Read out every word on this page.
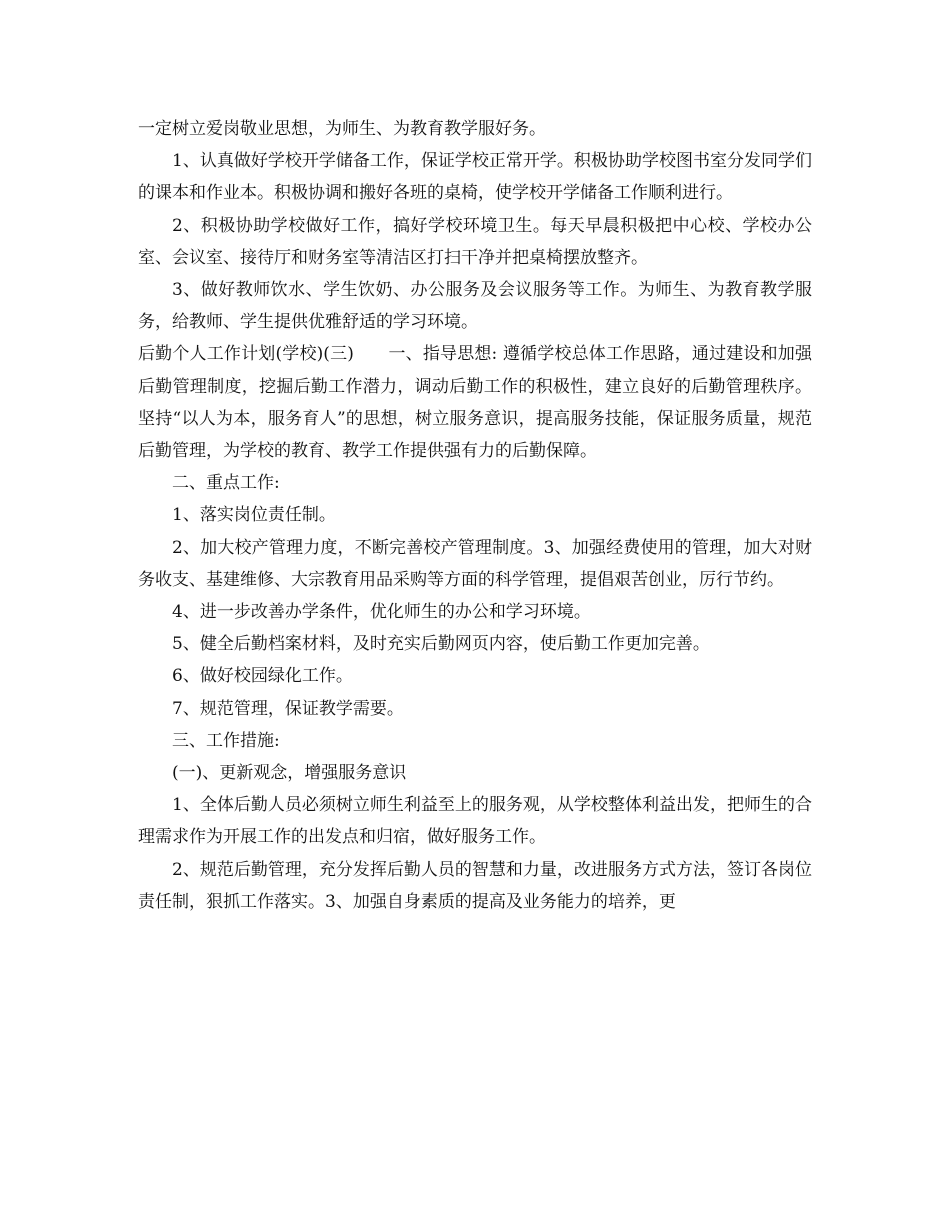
一定树立爱岗敬业思想，为师生、为教育教学服好务。

1、认真做好学校开学储备工作，保证学校正常开学。积极协助学校图书室分发同学们的课本和作业本。积极协调和搬好各班的桌椅，使学校开学储备工作顺利进行。

2、积极协助学校做好工作，搞好学校环境卫生。每天早晨积极把中心校、学校办公室、会议室、接待厅和财务室等清洁区打扫干净并把桌椅摆放整齐。

3、做好教师饮水、学生饮奶、办公服务及会议服务等工作。为师生、为教育教学服务，给教师、学生提供优雅舒适的学习环境。

后勤个人工作计划(学校)(三)　　一、指导思想: 遵循学校总体工作思路，通过建设和加强后勤管理制度，挖掘后勤工作潜力，调动后勤工作的积极性，建立良好的后勤管理秩序。坚持“以人为本，服务育人”的思想，树立服务意识，提高服务技能，保证服务质量，规范后勤管理，为学校的教育、教学工作提供强有力的后勤保障。

二、重点工作:

1、落实岗位责任制。

2、加大校产管理力度，不断完善校产管理制度。3、加强经费使用的管理，加大对财务收支、基建维修、大宗教育用品采购等方面的科学管理，提倡艰苦创业，厉行节约。

4、进一步改善办学条件，优化师生的办公和学习环境。

5、健全后勤档案材料，及时充实后勤网页内容，使后勤工作更加完善。

6、做好校园绿化工作。

7、规范管理，保证教学需要。

三、工作措施:

(一)、更新观念，增强服务意识

1、全体后勤人员必须树立师生利益至上的服务观，从学校整体利益出发，把师生的合理需求作为开展工作的出发点和归宿，做好服务工作。

2、规范后勤管理，充分发挥后勤人员的智慧和力量，改进服务方式方法，签订各岗位责任制，狠抓工作落实。3、加强自身素质的提高及业务能力的培养，更
